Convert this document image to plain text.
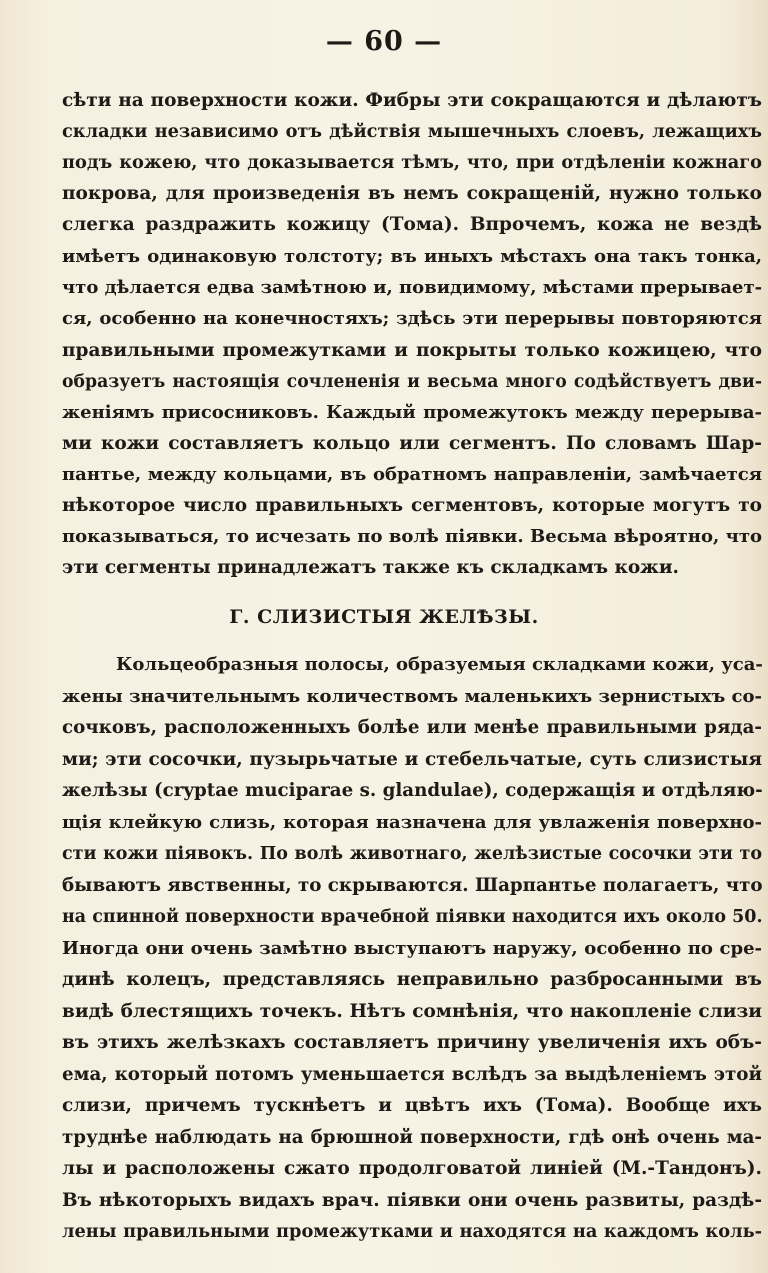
— 60 —
сѣти на поверхности кожи. Фибры эти сокращаются и дѣлаютъ
складки независимо отъ дѣйствія мышечныхъ слоевъ, лежащихъ
подъ кожею, что доказывается тѣмъ, что, при отдѣленіи кожнаго
покрова, для произведенія въ немъ сокращеній, нужно только
слегка раздражить кожицу (Тома). Впрочемъ, кожа не вездѣ
имѣетъ одинаковую толстоту; въ иныхъ мѣстахъ она такъ тонка,
что дѣлается едва замѣтною и, повидимому, мѣстами прерывает-
ся, особенно на конечностяхъ; здѣсь эти перерывы повторяются
правильными промежутками и покрыты только кожицею, что
образуетъ настоящія сочлененія и весьма много содѣйствуетъ дви-
женіямъ присосниковъ. Каждый промежутокъ между перерыва-
ми кожи составляетъ кольцо или сегментъ. По словамъ Шар-
пантье, между кольцами, въ обратномъ направленіи, замѣчается
нѣкоторое число правильныхъ сегментовъ, которые могутъ то
показываться, то исчезать по волѣ піявки. Весьма вѣроятно, что
эти сегменты принадлежатъ также къ складкамъ кожи.
Г. СЛИЗИСТЫЯ ЖЕЛѢЗЫ.
Кольцеобразныя полосы, образуемыя складками кожи, уса-
жены значительнымъ количествомъ маленькихъ зернистыхъ со-
сочковъ, расположенныхъ болѣе или менѣе правильными ряда-
ми; эти сосочки, пузырьчатые и стебельчатые, суть слизистыя
желѣзы (cryptae muciparae s. glandulae), содержащія и отдѣляю-
щія клейкую слизь, которая назначена для увлаженія поверхно-
сти кожи піявокъ. По волѣ животнаго, желѣзистые сосочки эти то
бываютъ явственны, то скрываются. Шарпантье полагаетъ, что
на спинной поверхности врачебной піявки находится ихъ около 50.
Иногда они очень замѣтно выступаютъ наружу, особенно по сре-
динѣ колецъ, представляясь неправильно разбросанными въ
видѣ блестящихъ точекъ. Нѣтъ сомнѣнія, что накопленіе слизи
въ этихъ желѣзкахъ составляетъ причину увеличенія ихъ объ-
ема, который потомъ уменьшается вслѣдъ за выдѣленіемъ этой
слизи, причемъ тускнѣетъ и цвѣтъ ихъ (Тома). Вообще ихъ
труднѣе наблюдать на брюшной поверхности, гдѣ онѣ очень ма-
лы и расположены сжато продолговатой линіей (М.-Тандонъ).
Въ нѣкоторыхъ видахъ врач. піявки они очень развиты, раздѣ-
лены правильными промежутками и находятся на каждомъ коль-
